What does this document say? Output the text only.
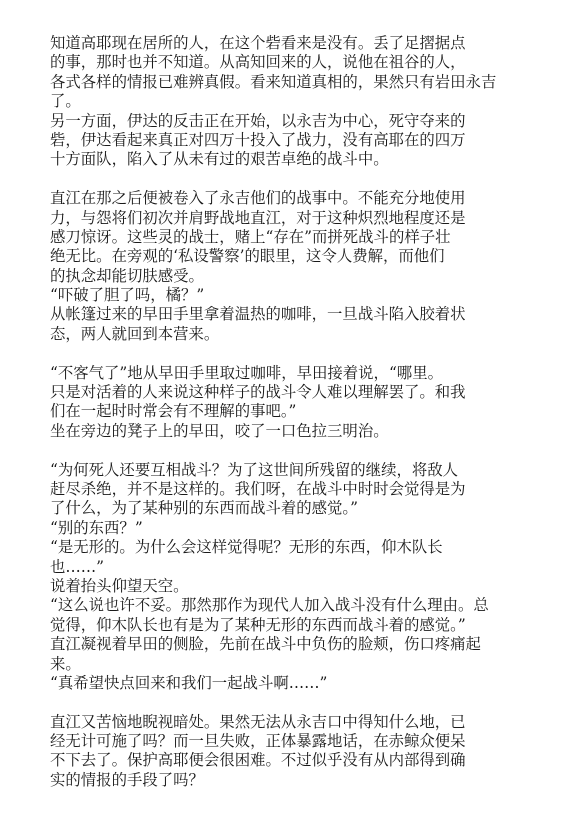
知道高耶现在居所的人，在这个砦看来是没有。丢了足摺据点
的事，那时也并不知道。从高知回来的人，说他在祖谷的人，
各式各样的情报已难辨真假。看来知道真相的，果然只有岩田永吉
了。
另一方面，伊达的反击正在开始，以永吉为中心，死守夺来的
砦，伊达看起来真正对四万十投入了战力，没有高耶在的四万
十方面队，陷入了从未有过的艰苦卓绝的战斗中。
直江在那之后便被卷入了永吉他们的战事中。不能充分地使用
力，与怨将们初次并肩野战地直江，对于这种炽烈地程度还是
感刀惊讶。这些灵的战士，赌上“存在”而拼死战斗的样子壮
绝无比。在旁观的‘私设警察’的眼里，这令人费解，而他们
的执念却能切肤感受。
“吓破了胆了吗，橘？”
从帐篷过来的早田手里拿着温热的咖啡，一旦战斗陷入胶着状
态，两人就回到本营来。
“不客气了”地从早田手里取过咖啡，早田接着说，“哪里。
只是对活着的人来说这种样子的战斗令人难以理解罢了。和我
们在一起时时常会有不理解的事吧。”
坐在旁边的凳子上的早田，咬了一口色拉三明治。
“为何死人还要互相战斗？为了这世间所残留的继续，将敌人
赶尽杀绝，并不是这样的。我们呀，在战斗中时时会觉得是为
了什么，为了某种别的东西而战斗着的感觉。”
“别的东西？”
“是无形的。为什么会这样觉得呢？无形的东西，仰木队长
也……”
说着抬头仰望天空。
“这么说也许不妥。那然那作为现代人加入战斗没有什么理由。总
觉得，仰木队长也有是为了某种无形的东西而战斗着的感觉。”
直江凝视着早田的侧脸，先前在战斗中负伤的脸颊，伤口疼痛起
来。
“真希望快点回来和我们一起战斗啊……”
直江又苦恼地睨视暗处。果然无法从永吉口中得知什么地，已
经无计可施了吗？而一旦失败，正体暴露地话，在赤鲸众便呆
不下去了。保护高耶便会很困难。不过似乎没有从内部得到确
实的情报的手段了吗？
